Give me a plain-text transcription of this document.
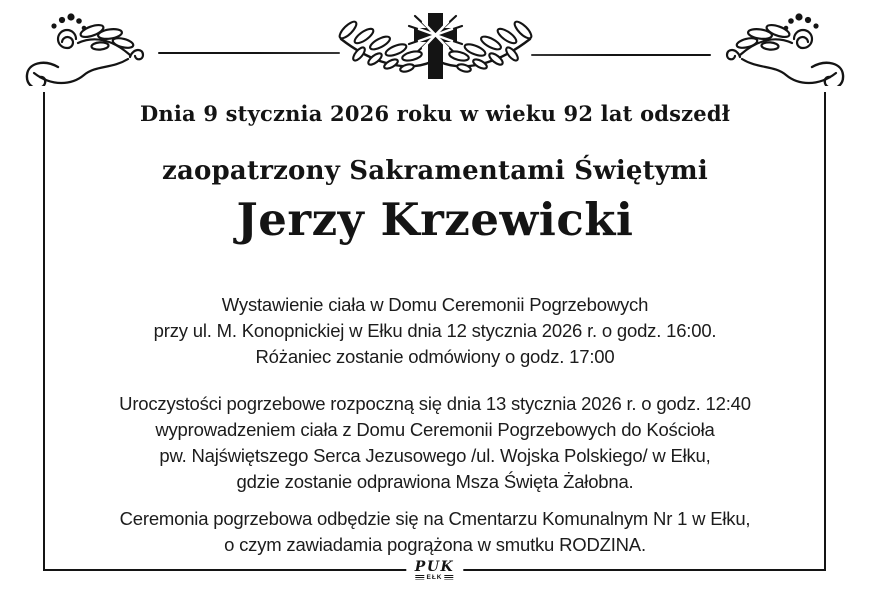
PUK
EŁK
Dnia 9 stycznia 2026 roku w wieku 92 lat odszedł
zaopatrzony Sakramentami Świętymi
Jerzy Krzewicki
Wystawienie ciała w Domu Ceremonii Pogrzebowych
przy ul. M. Konopnickiej w Ełku dnia 12 stycznia 2026 r. o godz. 16:00.
Różaniec zostanie odmówiony o godz. 17:00
Uroczystości pogrzebowe rozpoczną się dnia 13 stycznia 2026 r. o godz. 12:40
wyprowadzeniem ciała z Domu Ceremonii Pogrzebowych do Kościoła
pw. Najświętszego Serca Jezusowego /ul. Wojska Polskiego/ w Ełku,
gdzie zostanie odprawiona Msza Święta Żałobna.
Ceremonia pogrzebowa odbędzie się na Cmentarzu Komunalnym Nr 1 w Ełku,
o czym zawiadamia pogrążona w smutku RODZINA.
